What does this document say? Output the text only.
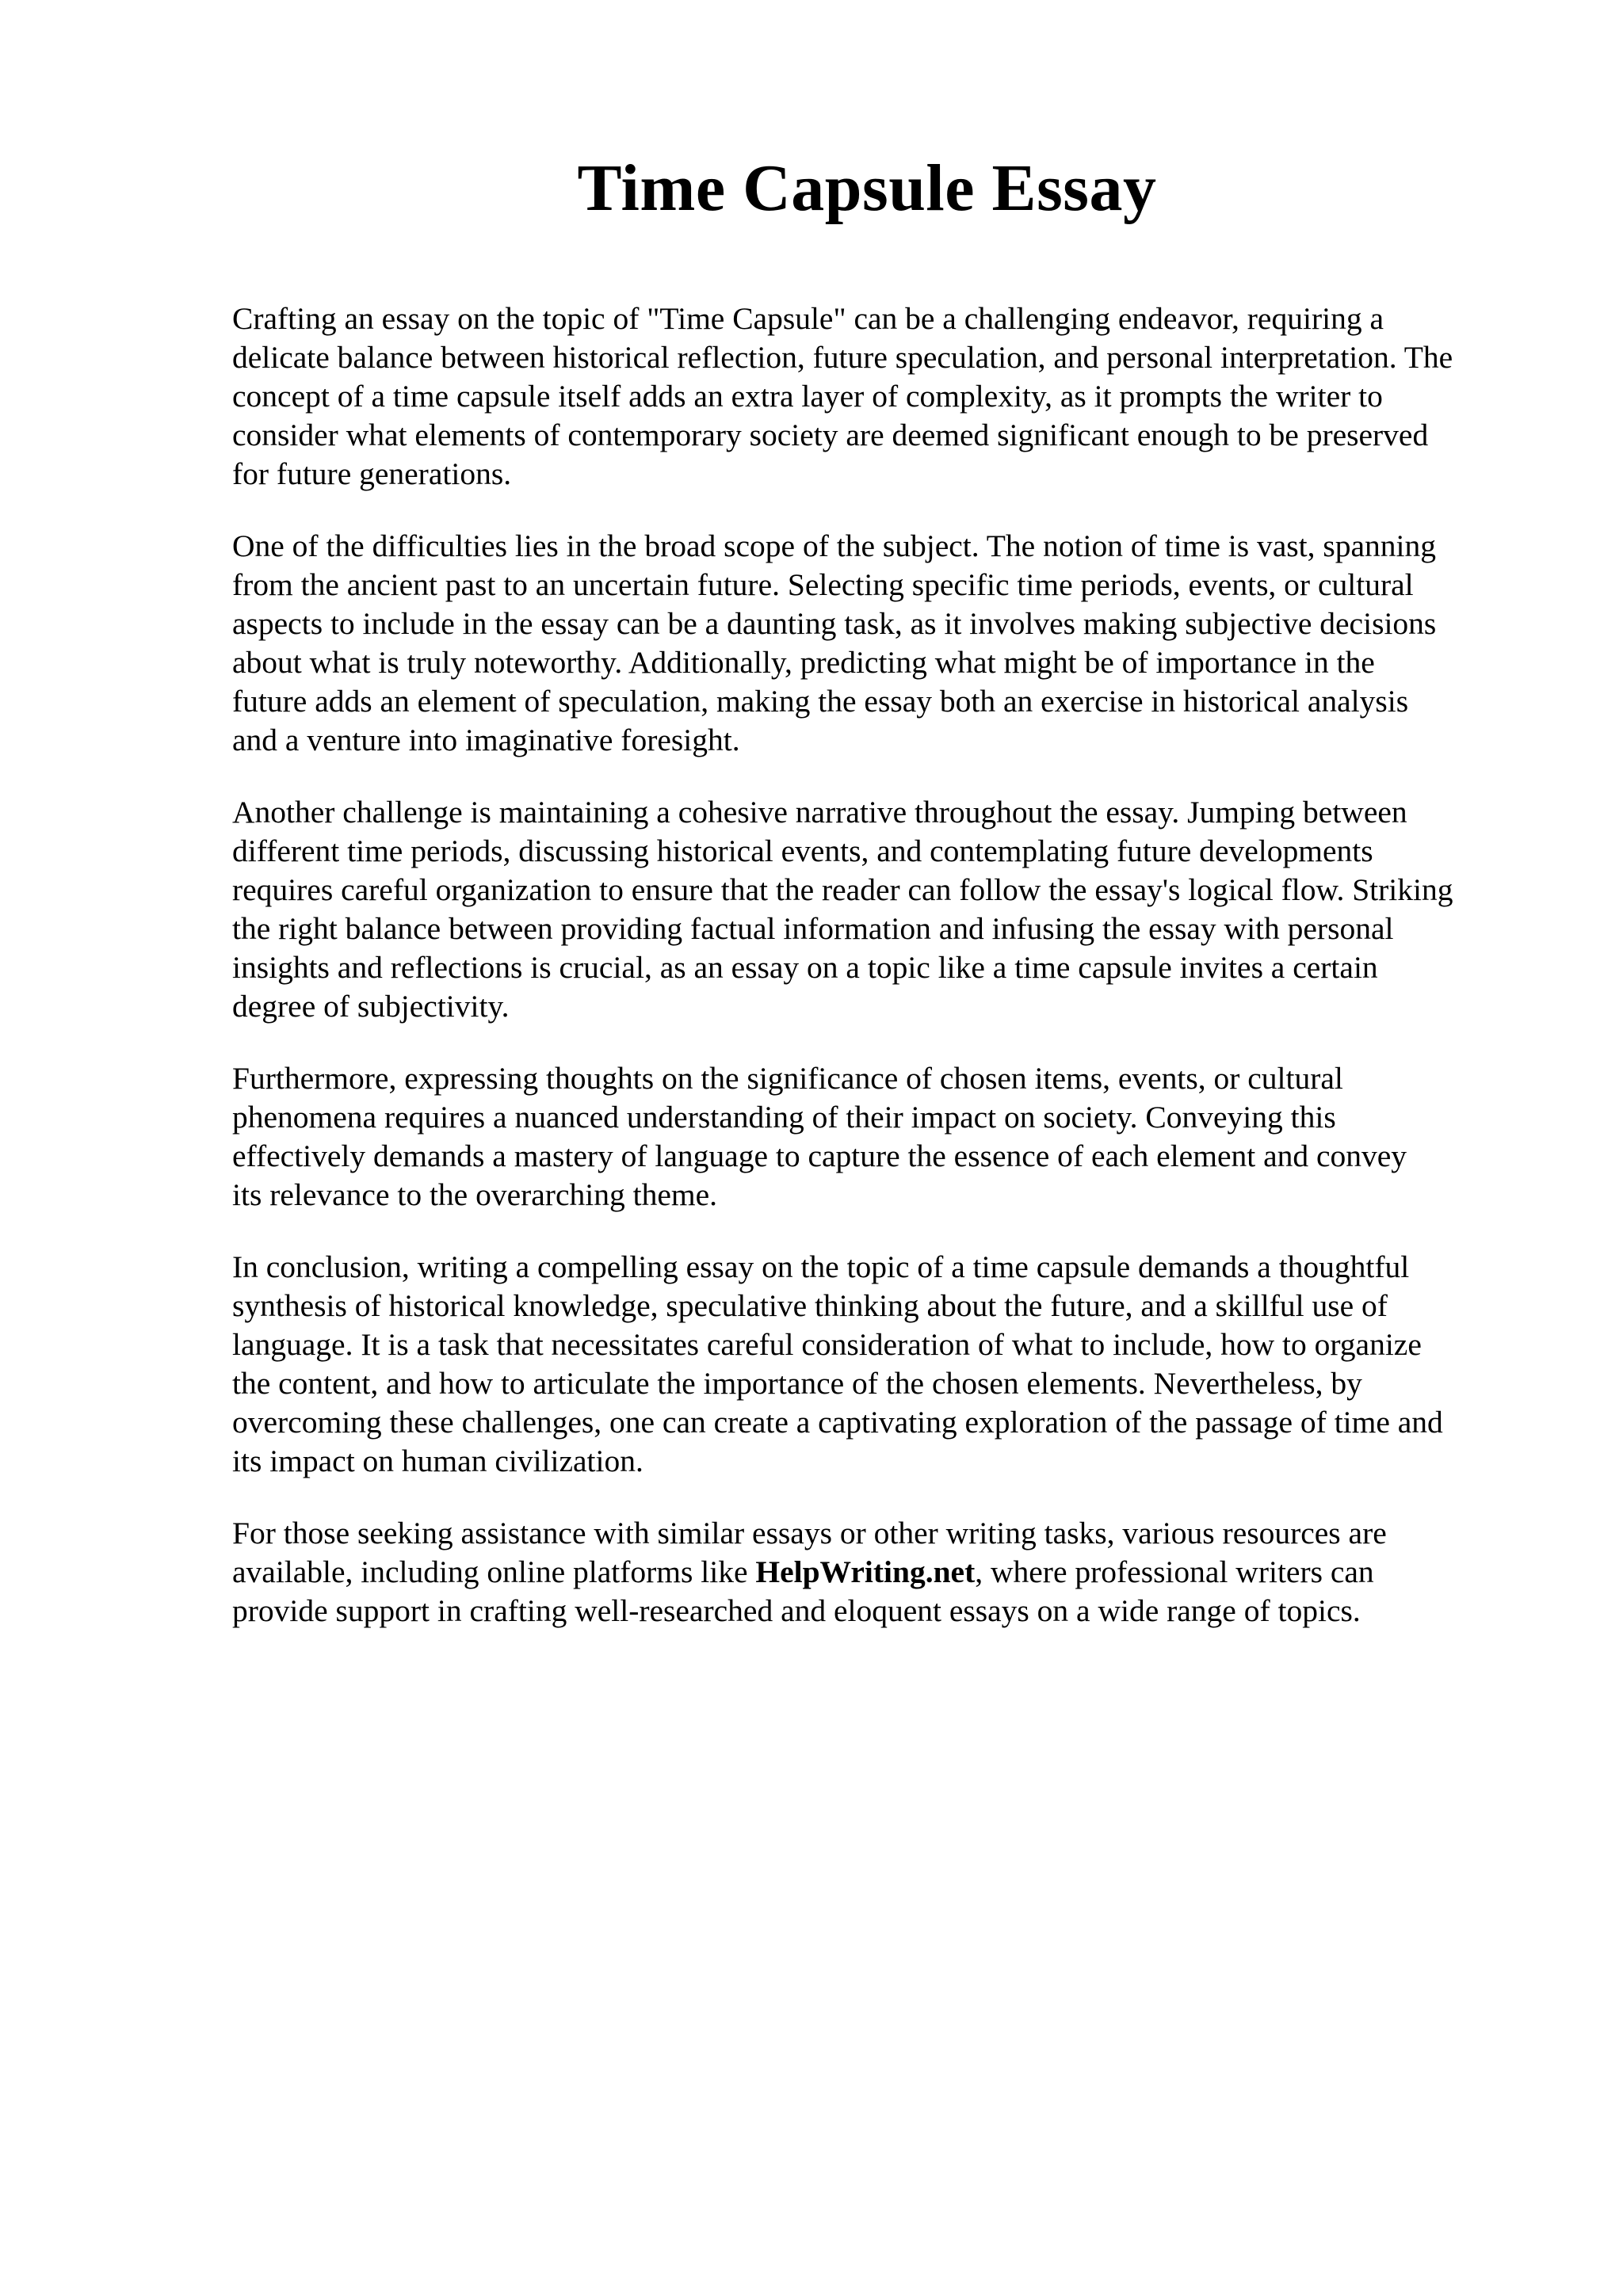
Time Capsule Essay

Crafting an essay on the topic of "Time Capsule" can be a challenging endeavor, requiring a
delicate balance between historical reflection, future speculation, and personal interpretation. The
concept of a time capsule itself adds an extra layer of complexity, as it prompts the writer to
consider what elements of contemporary society are deemed significant enough to be preserved
for future generations.

One of the difficulties lies in the broad scope of the subject. The notion of time is vast, spanning
from the ancient past to an uncertain future. Selecting specific time periods, events, or cultural
aspects to include in the essay can be a daunting task, as it involves making subjective decisions
about what is truly noteworthy. Additionally, predicting what might be of importance in the
future adds an element of speculation, making the essay both an exercise in historical analysis
and a venture into imaginative foresight.

Another challenge is maintaining a cohesive narrative throughout the essay. Jumping between
different time periods, discussing historical events, and contemplating future developments
requires careful organization to ensure that the reader can follow the essay's logical flow. Striking
the right balance between providing factual information and infusing the essay with personal
insights and reflections is crucial, as an essay on a topic like a time capsule invites a certain
degree of subjectivity.

Furthermore, expressing thoughts on the significance of chosen items, events, or cultural
phenomena requires a nuanced understanding of their impact on society. Conveying this
effectively demands a mastery of language to capture the essence of each element and convey
its relevance to the overarching theme.

In conclusion, writing a compelling essay on the topic of a time capsule demands a thoughtful
synthesis of historical knowledge, speculative thinking about the future, and a skillful use of
language. It is a task that necessitates careful consideration of what to include, how to organize
the content, and how to articulate the importance of the chosen elements. Nevertheless, by
overcoming these challenges, one can create a captivating exploration of the passage of time and
its impact on human civilization.

For those seeking assistance with similar essays or other writing tasks, various resources are
available, including online platforms like HelpWriting.net, where professional writers can
provide support in crafting well-researched and eloquent essays on a wide range of topics.
